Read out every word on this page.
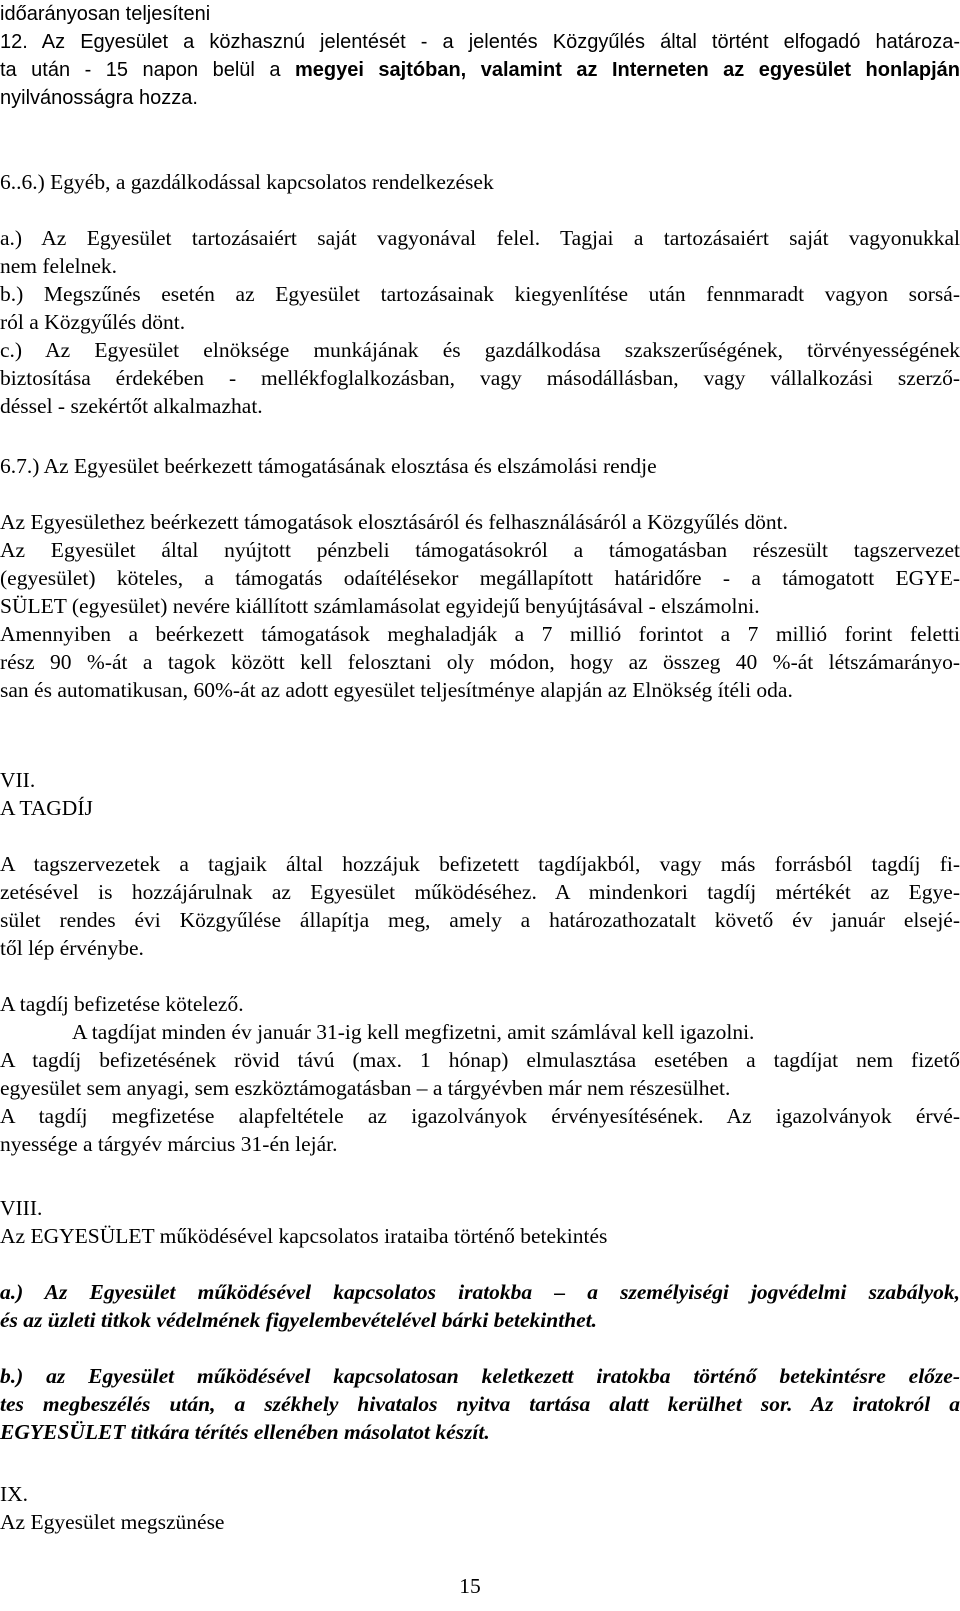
időarányosan teljesíteni

12. Az Egyesület a közhasznú jelentését - a jelentés Közgyűlés által történt elfogadó határoza-

ta után - 15 napon belül a megyei sajtóban, valamint az Interneten az egyesület honlapján

nyilvánosságra hozza.

6..6.) Egyéb, a gazdálkodással kapcsolatos rendelkezések

a.) Az Egyesület tartozásaiért saját vagyonával felel. Tagjai a tartozásaiért saját vagyonukkal

nem felelnek.

b.) Megszűnés esetén az Egyesület tartozásainak kiegyenlítése után fennmaradt vagyon sorsá-

ról a Közgyűlés dönt.

c.) Az Egyesület elnöksége munkájának és gazdálkodása szakszerűségének, törvényességének

biztosítása érdekében - mellékfoglalkozásban, vagy másodállásban, vagy vállalkozási szerző-

déssel - szekértőt alkalmazhat.

6.7.) Az Egyesület beérkezett támogatásának elosztása és elszámolási rendje

Az Egyesülethez beérkezett támogatások elosztásáról és felhasználásáról a Közgyűlés dönt.

Az Egyesület által nyújtott pénzbeli támogatásokról a támogatásban részesült tagszervezet

(egyesület) köteles, a támogatás odaítélésekor megállapított határidőre - a támogatott EGYE-

SÜLET (egyesület) nevére kiállított számlamásolat egyidejű benyújtásával - elszámolni.

Amennyiben a beérkezett támogatások meghaladják a 7 millió forintot a 7 millió forint feletti

rész 90 %-át a tagok között kell felosztani oly módon, hogy az összeg 40 %-át létszámarányo-

san és automatikusan, 60%-át az adott egyesület teljesítménye alapján az Elnökség ítéli oda.

VII.

A TAGDÍJ

A tagszervezetek a tagjaik által hozzájuk befizetett tagdíjakból, vagy más forrásból tagdíj fi-

zetésével is hozzájárulnak az Egyesület működéséhez. A mindenkori tagdíj mértékét az Egye-

sület rendes évi Közgyűlése állapítja meg, amely a határozathozatalt követő év január elsejé-

től lép érvénybe.

A tagdíj befizetése kötelező.

A tagdíjat minden év január 31-ig kell megfizetni, amit számlával kell igazolni.

A tagdíj befizetésének rövid távú (max. 1 hónap) elmulasztása esetében a tagdíjat nem fizető

egyesület sem anyagi, sem eszköztámogatásban – a tárgyévben már nem részesülhet.

A tagdíj megfizetése alapfeltétele az igazolványok érvényesítésének. Az igazolványok érvé-

nyessége a tárgyév március 31-én lejár.

VIII.

Az EGYESÜLET működésével kapcsolatos irataiba történő betekintés

a.) Az Egyesület működésével kapcsolatos iratokba – a személyiségi jogvédelmi szabályok,

és az üzleti titkok védelmének figyelembevételével bárki betekinthet.

b.) az Egyesület működésével kapcsolatosan keletkezett iratokba történő betekintésre előze-

tes megbeszélés után, a székhely hivatalos nyitva tartása alatt kerülhet sor. Az iratokról a

EGYESÜLET titkára térítés ellenében másolatot készít.

IX.

Az Egyesület megszünése

15
